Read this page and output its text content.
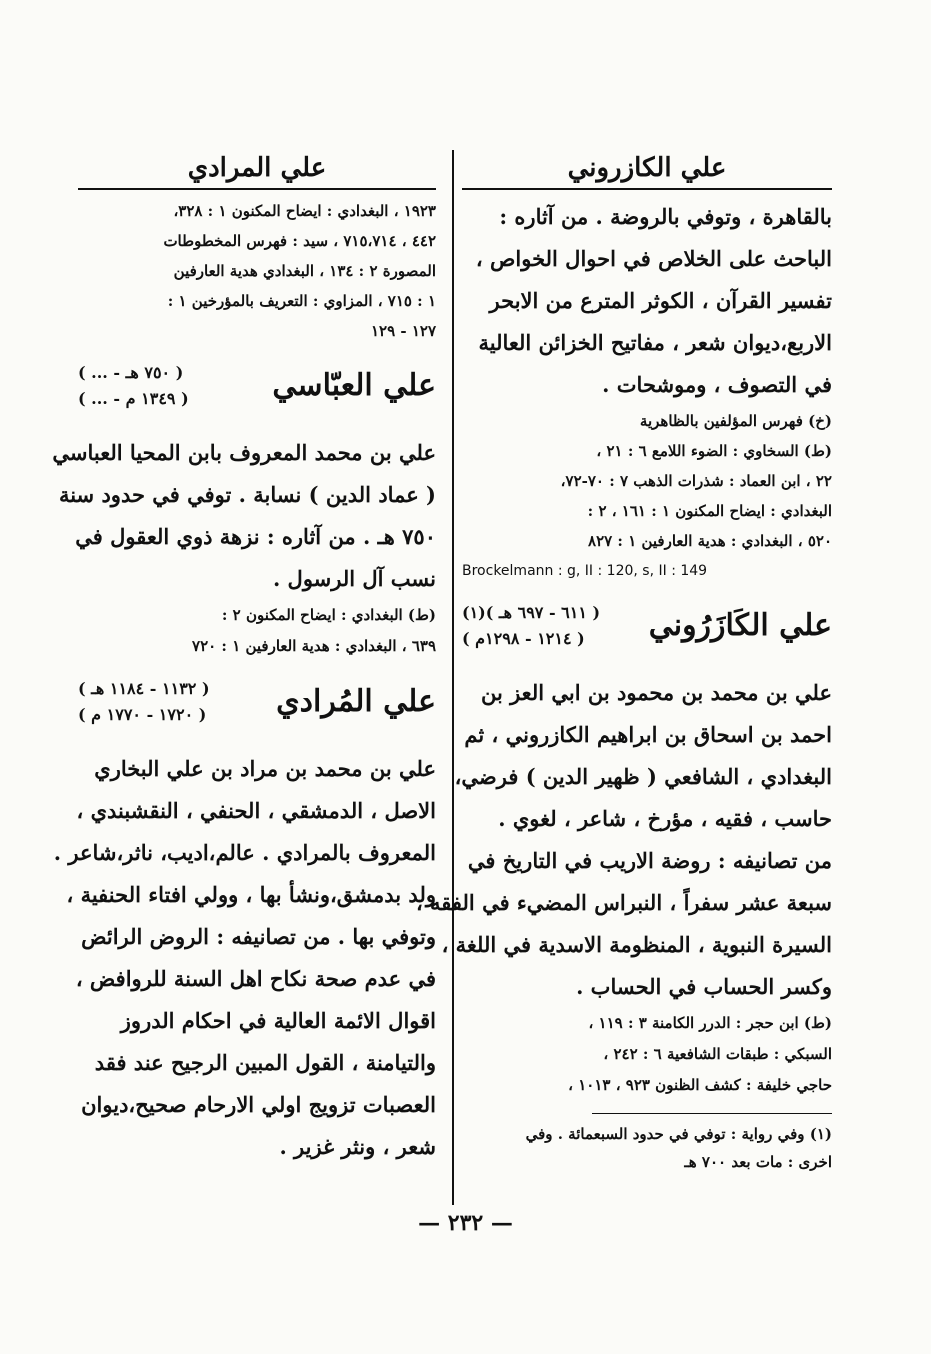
علي المرادي
١٩٢٣ ، البغدادي : ايضاح المكنون ١ : ٣٢٨،
٤٤٢ ، ٧١٥،٧١٤ ، سيد : فهرس المخطوطات
المصورة ٢ : ١٣٤ ، البغدادي هدية العارفين
١ : ٧١٥ ، المزاوي : التعريف بالمؤرخين ١ :
١٢٧ - ١٢٩
علي العبّاسي
( ... - ٧٥٠ هـ )
( ... - ١٣٤٩ م )
علي بن محمد المعروف بابن المحيا العباسي
( عماد الدين ) نسابة . توفي في حدود سنة
٧٥٠ هـ . من آثاره : نزهة ذوي العقول في
نسب آل الرسول .
(ط) البغدادي : ايضاح المكنون ٢ :
٦٣٩ ، البغدادي : هدية العارفين ١ : ٧٢٠
علي المُرادي
( ١١٣٢ - ١١٨٤ هـ )
( ١٧٢٠ - ١٧٧٠ م )
علي بن محمد بن مراد بن علي البخاري
الاصل ، الدمشقي ، الحنفي ، النقشبندي ،
المعروف بالمرادي . عالم،اديب، ناثر،شاعر .
ولد بدمشق،ونشأ بها ، وولي افتاء الحنفية ،
وتوفي بها . من تصانيفه : الروض الرائض
في عدم صحة نكاح اهل السنة للروافض ،
اقوال الائمة العالية في احكام الدروز
والتيامنة ، القول المبين الرجيح عند فقد
العصبات تزويج اولي الارحام صحيح،ديوان
شعر ، ونثر غزير .
علي الكازروني
بالقاهرة ، وتوفي بالروضة . من آثاره :
الباحث على الخلاص في احوال الخواص ،
تفسير القرآن ، الكوثر المترع من الابحر
الاربع،ديوان شعر ، مفاتيح الخزائن العالية
في التصوف ، وموشحات .
(خ) فهرس المؤلفين بالظاهرية
(ط) السخاوي : الضوء اللامع ٦ : ٢١ ،
٢٢ ، ابن العماد : شذرات الذهب ٧ : ٧٠-٧٢،
البغدادي : ايضاح المكنون ١ : ١٦١ ، ٢ :
٥٢٠ ، البغدادي : هدية العارفين ١ : ٨٢٧
Brockelmann : g, II : 120, s, II : 149
علي الكَازَرُوني
(١)( ٦١١ - ٦٩٧ هـ )
( ١٢١٤ - ١٢٩٨م )
علي بن محمد بن محمود بن ابي العز بن
احمد بن اسحاق بن ابراهيم الكازروني ، ثم
البغدادي ، الشافعي ( ظهير الدين ) فرضي،
حاسب ، فقيه ، مؤرخ ، شاعر ، لغوي .
من تصانيفه : روضة الاريب في التاريخ في
سبعة عشر سفراً ، النبراس المضيء في الفقه ،
السيرة النبوية ، المنظومة الاسدية في اللغة ،
وكسر الحساب في الحساب .
(ط) ابن حجر : الدرر الكامنة ٣ : ١١٩ ،
السبكي : طبقات الشافعية ٦ : ٢٤٢ ،
حاجي خليفة : كشف الظنون ٩٢٣ ، ١٠١٣ ،
(١) وفي رواية : توفي في حدود السبعمائة . وفي
اخرى : مات بعد ٧٠٠ هـ
— ٢٣٢ —
